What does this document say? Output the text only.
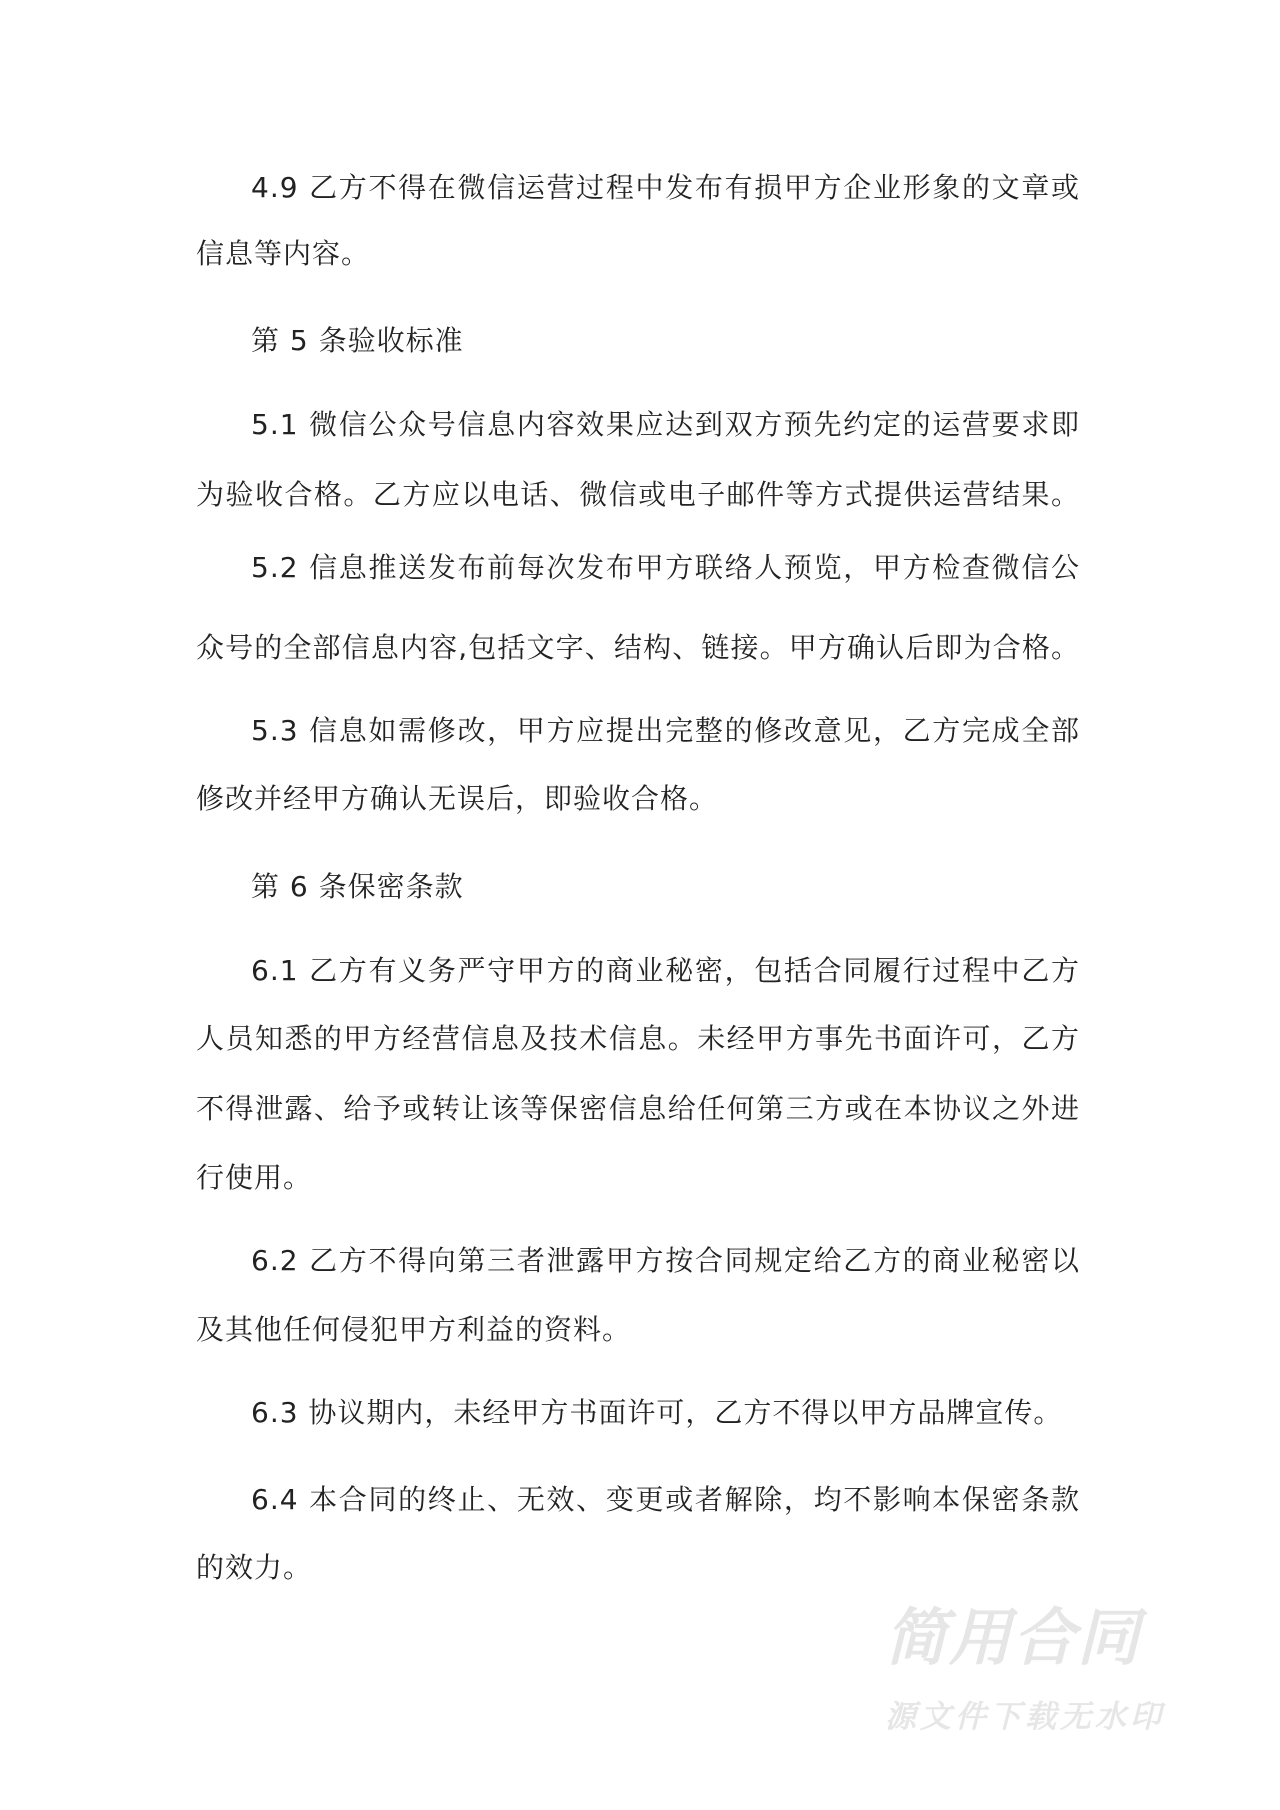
4.9 乙方不得在微信运营过程中发布有损甲方企业形象的文章或
信息等内容。
第 5 条验收标准
5.1 微信公众号信息内容效果应达到双方预先约定的运营要求即
为验收合格。乙方应以电话、微信或电子邮件等方式提供运营结果。
5.2 信息推送发布前每次发布甲方联络人预览，甲方检查微信公
众号的全部信息内容,包括文字、结构、链接。甲方确认后即为合格。
5.3 信息如需修改，甲方应提出完整的修改意见，乙方完成全部
修改并经甲方确认无误后，即验收合格。
第 6 条保密条款
6.1 乙方有义务严守甲方的商业秘密，包括合同履行过程中乙方
人员知悉的甲方经营信息及技术信息。未经甲方事先书面许可，乙方
不得泄露、给予或转让该等保密信息给任何第三方或在本协议之外进
行使用。
6.2 乙方不得向第三者泄露甲方按合同规定给乙方的商业秘密以
及其他任何侵犯甲方利益的资料。
6.3 协议期内，未经甲方书面许可，乙方不得以甲方品牌宣传。
6.4 本合同的终止、无效、变更或者解除，均不影响本保密条款
的效力。
简用合同
源文件下载无水印
